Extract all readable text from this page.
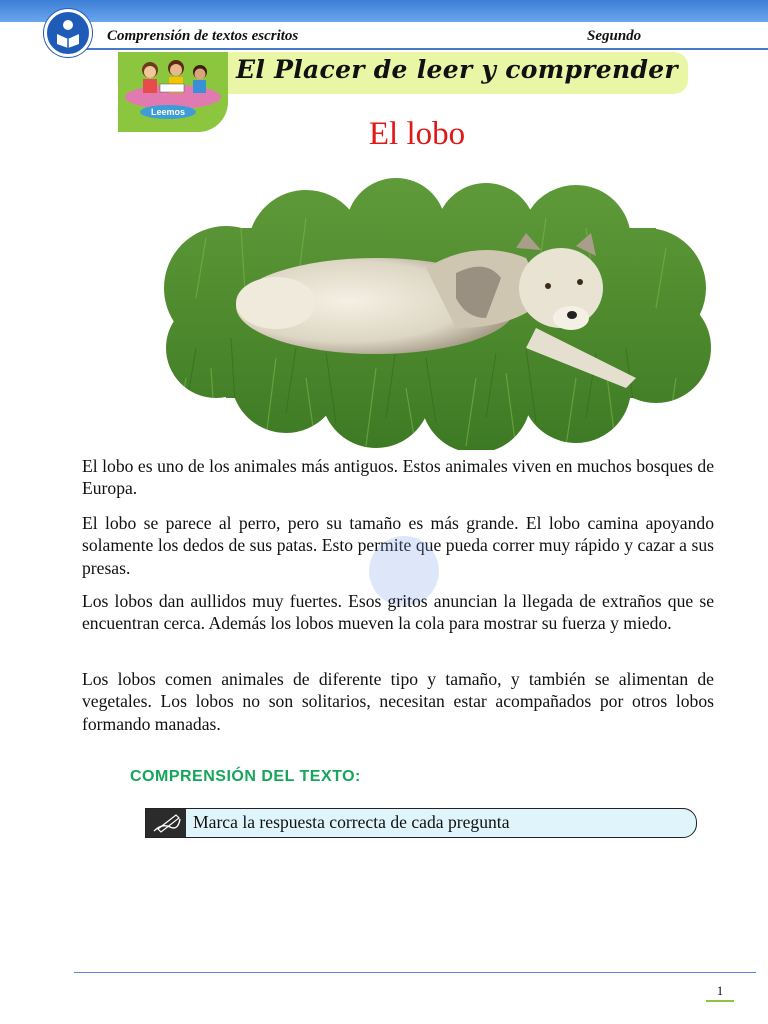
Comprensión de textos escritos	Segundo
Leemos
El Placer de leer y comprender
El lobo
El lobo es uno de los animales más antiguos. Estos animales viven en muchos bosques de Europa.
El lobo se parece al perro, pero su tamaño es más grande. El lobo camina apoyando solamente los dedos de sus patas. Esto permite que pueda correr muy rápido y cazar a sus presas.
Los lobos dan aullidos muy fuertes. Esos gritos anuncian la llegada de extraños que se encuentran cerca. Además los lobos mueven la cola para mostrar su fuerza y miedo.
Los lobos comen animales de diferente tipo y tamaño, y también se alimentan de vegetales. Los lobos no son solitarios, necesitan estar acompañados por otros lobos formando manadas.
COMPRENSIÓN DEL TEXTO:
Marca la respuesta correcta de cada pregunta
1
